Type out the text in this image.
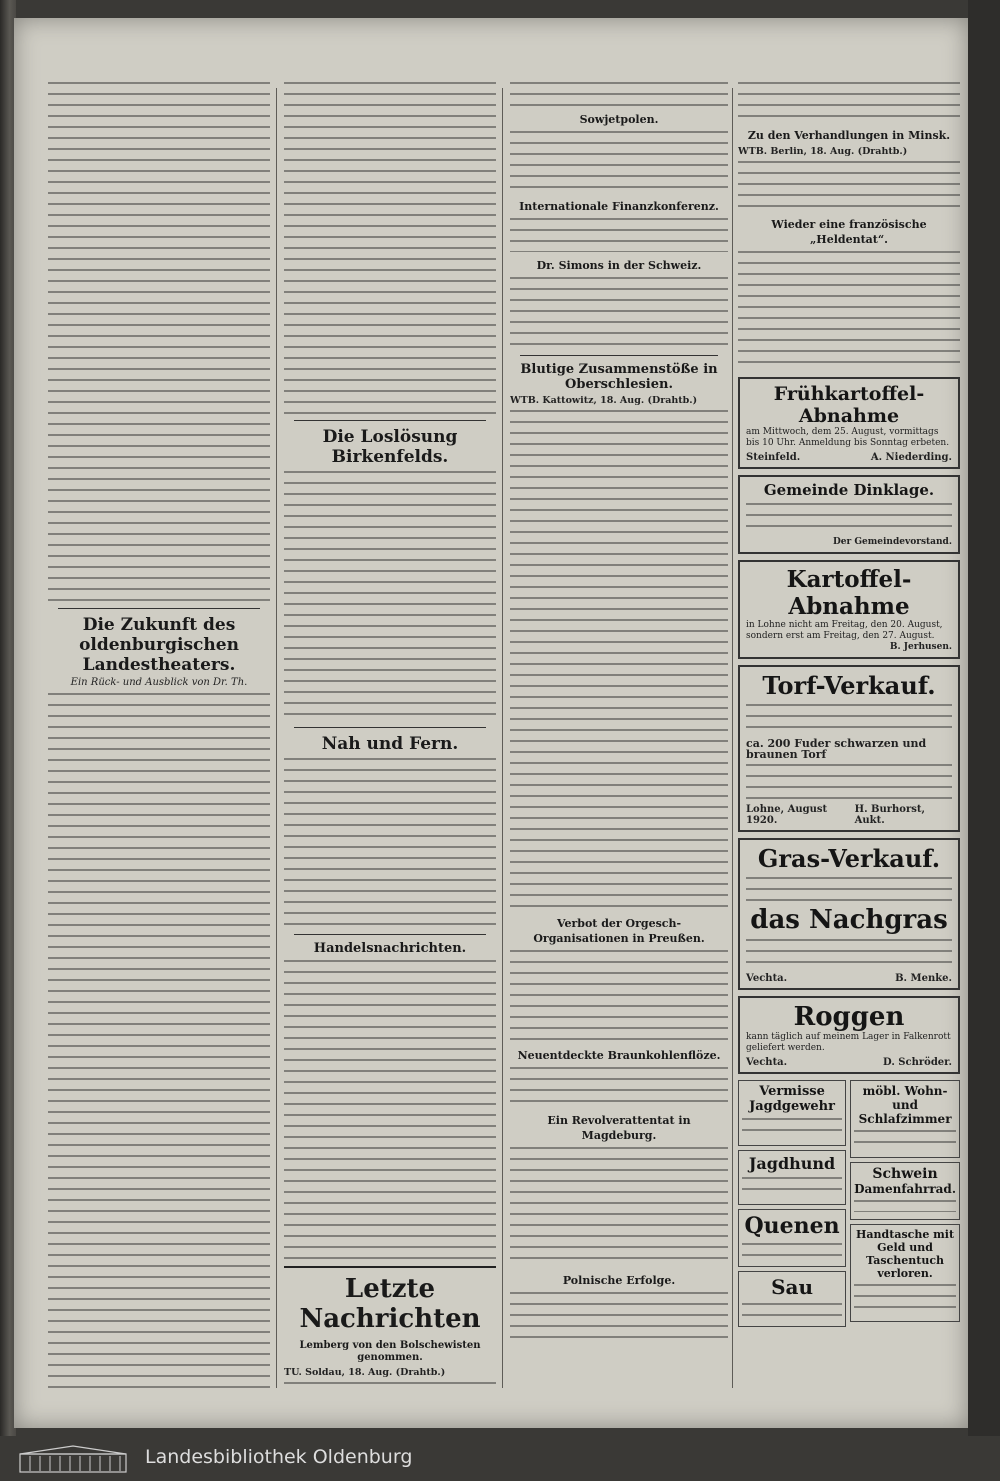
Die Zukunft des oldenburgischen Landestheaters.
Ein Rück- und Ausblick von Dr. Th.
Die Loslösung Birkenfelds.
Nah und Fern.
Handelsnachrichten.
Letzte Nachrichten
Lemberg von den Bolschewisten genommen.
TU. Soldau, 18. Aug. (Drahtb.)
Sowjetpolen.
Internationale Finanzkonferenz.
Dr. Simons in der Schweiz.
Blutige Zusammenstöße in Oberschlesien.
WTB. Kattowitz, 18. Aug. (Drahtb.)
Verbot der Orgesch-Organisationen in Preußen.
Neuentdeckte Braunkohlenflöze.
Ein Revolverattentat in Magdeburg.
Polnische Erfolge.
Zu den Verhandlungen in Minsk.
WTB. Berlin, 18. Aug. (Drahtb.)
Wieder eine französische „Heldentat“.
Frühkartoffel-Abnahme
am Mittwoch, dem 25. August, vormittags bis 10 Uhr. Anmeldung bis Sonntag erbeten.
Steinfeld.	A. Niederding.
Gemeinde Dinklage.
Der Gemeindevorstand.
Kartoffel-Abnahme
in Lohne nicht am Freitag, den 20. August, sondern erst am Freitag, den 27. August.
B. Jerhusen.
Torf-Verkauf.
ca. 200 Fuder schwarzen und braunen Torf
Lohne, August 1920.
H. Burhorst, Aukt.
Gras-Verkauf.
das Nachgras
Vechta.	B. Menke.
Roggen
kann täglich auf meinem Lager in Falkenrott geliefert werden.
Vechta.	D. Schröder.
Vermisse
Jagdgewehr
Jagdhund
Quenen
Sau
möbl. Wohn- und Schlafzimmer
Schwein
Damenfahrrad.
Handtasche mit Geld und Taschentuch verloren.
Landesbibliothek Oldenburg
